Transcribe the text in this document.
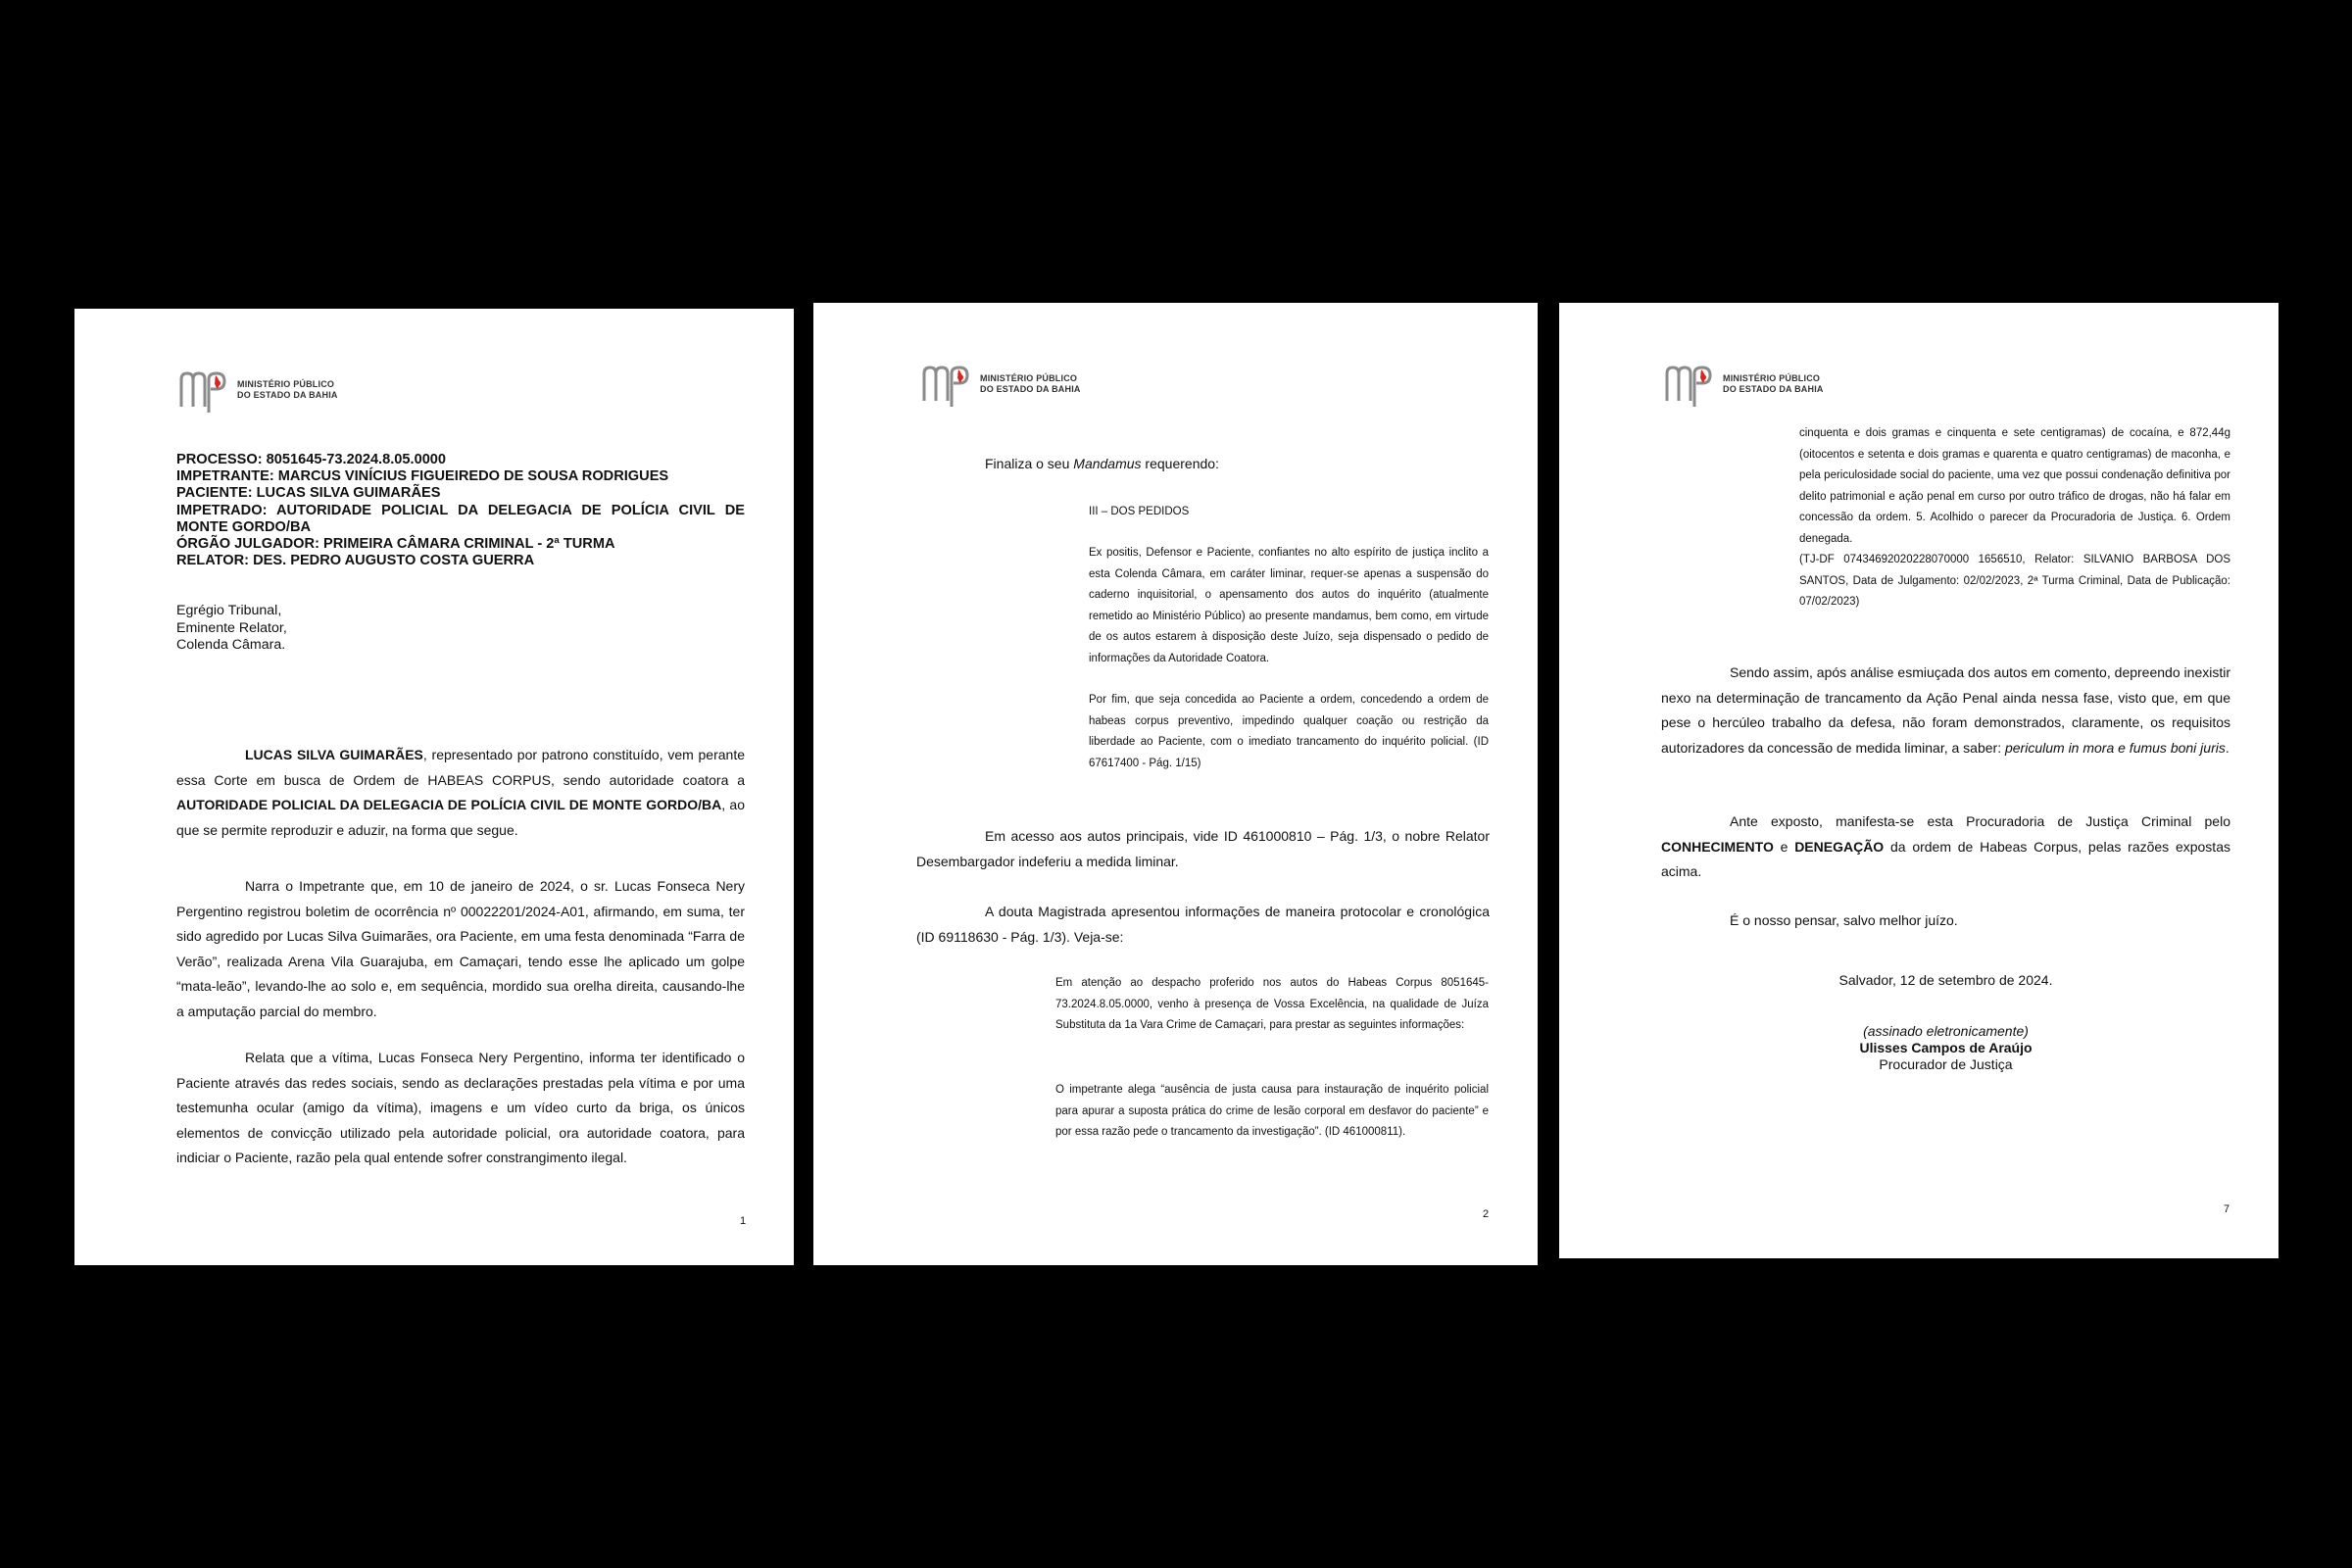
MINISTÉRIO PÚBLICO
DO ESTADO DA BAHIA

PROCESSO: 8051645-73.2024.8.05.0000

IMPETRANTE: MARCUS VINÍCIUS FIGUEIREDO DE SOUSA RODRIGUES

PACIENTE: LUCAS SILVA GUIMARÃES

IMPETRADO: AUTORIDADE POLICIAL DA DELEGACIA DE POLÍCIA CIVIL DE MONTE GORDO/BA

ÓRGÃO JULGADOR: PRIMEIRA CÂMARA CRIMINAL - 2ª TURMA

RELATOR: DES. PEDRO AUGUSTO COSTA GUERRA

Egrégio Tribunal,

Eminente Relator,

Colenda Câmara.

LUCAS SILVA GUIMARÃES, representado por patrono constituído, vem perante essa Corte em busca de Ordem de HABEAS CORPUS, sendo autoridade coatora a AUTORIDADE POLICIAL DA DELEGACIA DE POLÍCIA CIVIL DE MONTE GORDO/BA, ao que se permite reproduzir e aduzir, na forma que segue.
Narra o Impetrante que, em 10 de janeiro de 2024, o sr. Lucas Fonseca Nery Pergentino registrou boletim de ocorrência nº 00022201/2024-A01, afirmando, em suma, ter sido agredido por Lucas Silva Guimarães, ora Paciente, em uma festa denominada “Farra de Verão”, realizada Arena Vila Guarajuba, em Camaçari, tendo esse lhe aplicado um golpe “mata-leão”, levando-lhe ao solo e, em sequência, mordido sua orelha direita, causando-lhe a amputação parcial do membro.
Relata que a vítima, Lucas Fonseca Nery Pergentino, informa ter identificado o Paciente através das redes sociais, sendo as declarações prestadas pela vítima e por uma testemunha ocular (amigo da vítima), imagens e um vídeo curto da briga, os únicos elementos de convicção utilizado pela autoridade policial, ora autoridade coatora, para indiciar o Paciente, razão pela qual entende sofrer constrangimento ilegal.
1
MINISTÉRIO PÚBLICO
DO ESTADO DA BAHIA
Finaliza o seu Mandamus requerendo:
III – DOS PEDIDOS
Ex positis, Defensor e Paciente, confiantes no alto espírito de justiça inclito a esta Colenda Câmara, em caráter liminar, requer-se apenas a suspensão do caderno inquisitorial, o apensamento dos autos do inquérito (atualmente remetido ao Ministério Público) ao presente mandamus, bem como, em virtude de os autos estarem à disposição deste Juízo, seja dispensado o pedido de informações da Autoridade Coatora.
Por fim, que seja concedida ao Paciente a ordem, concedendo a ordem de habeas corpus preventivo, impedindo qualquer coação ou restrição da liberdade ao Paciente, com o imediato trancamento do inquérito policial. (ID 67617400 - Pág. 1/15)
Em acesso aos autos principais, vide ID 461000810 – Pág. 1/3, o nobre Relator Desembargador indeferiu a medida liminar.
A douta Magistrada apresentou informações de maneira protocolar e cronológica (ID 69118630 - Pág. 1/3). Veja-se:
Em atenção ao despacho proferido nos autos do Habeas Corpus 8051645-73.2024.8.05.0000, venho à presença de Vossa Excelência, na qualidade de Juíza Substituta da 1a Vara Crime de Camaçari, para prestar as seguintes informações:
O impetrante alega “ausência de justa causa para instauração de inquérito policial para apurar a suposta prática do crime de lesão corporal em desfavor do paciente” e por essa razão pede o trancamento da investigação”. (ID 461000811).
2
MINISTÉRIO PÚBLICO
DO ESTADO DA BAHIA
cinquenta e dois gramas e cinquenta e sete centigramas) de cocaína, e 872,44g (oitocentos e setenta e dois gramas e quarenta e quatro centigramas) de maconha, e pela periculosidade social do paciente, uma vez que possui condenação definitiva por delito patrimonial e ação penal em curso por outro tráfico de drogas, não há falar em concessão da ordem. 5. Acolhido o parecer da Procuradoria de Justiça. 6. Ordem denegada.
(TJ-DF 07434692020228070000 1656510, Relator: SILVANIO BARBOSA DOS SANTOS, Data de Julgamento: 02/02/2023, 2ª Turma Criminal, Data de Publicação: 07/02/2023)
Sendo assim, após análise esmiuçada dos autos em comento, depreendo inexistir nexo na determinação de trancamento da Ação Penal ainda nessa fase, visto que, em que pese o hercúleo trabalho da defesa, não foram demonstrados, claramente, os requisitos autorizadores da concessão de medida liminar, a saber: periculum in mora e fumus boni juris.
Ante exposto, manifesta-se esta Procuradoria de Justiça Criminal pelo CONHECIMENTO e DENEGAÇÃO da ordem de Habeas Corpus, pelas razões expostas acima.
É o nosso pensar, salvo melhor juízo.
Salvador, 12 de setembro de 2024.

(assinado eletronicamente)

Ulisses Campos de Araújo

Procurador de Justiça

7
